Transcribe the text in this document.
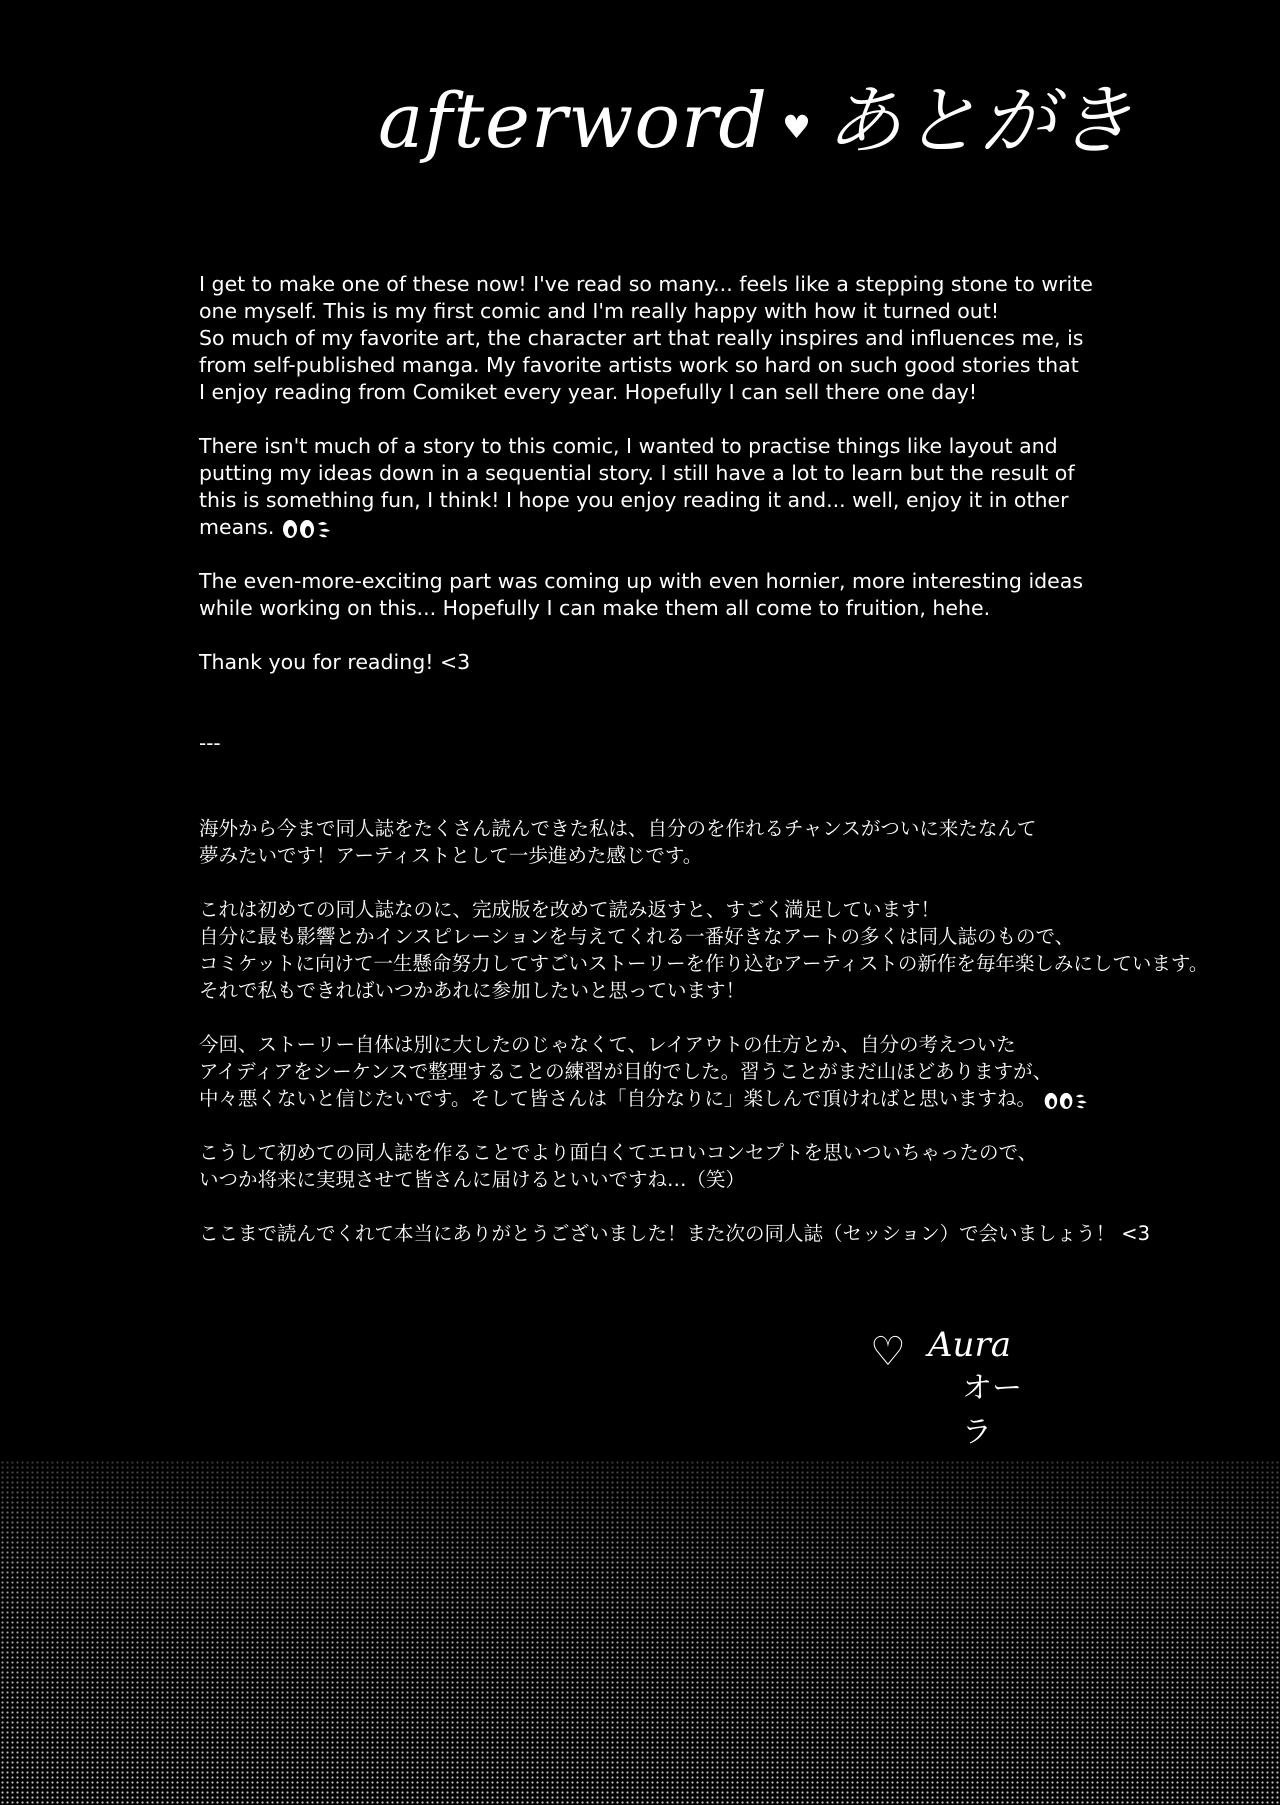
afterword ♥ あとがき

I get to make one of these now! I've read so many... feels like a stepping stone to write
one myself. This is my first comic and I'm really happy with how it turned out!
So much of my favorite art, the character art that really inspires and influences me, is
from self-published manga. My favorite artists work so hard on such good stories that
I enjoy reading from Comiket every year. Hopefully I can sell there one day!

There isn't much of a story to this comic, I wanted to practise things like layout and
putting my ideas down in a sequential story. I still have a lot to learn but the result of
this is something fun, I think! I hope you enjoy reading it and... well, enjoy it in other
means.

The even-more-exciting part was coming up with even hornier, more interesting ideas
while working on this... Hopefully I can make them all come to fruition, hehe.

Thank you for reading! <3

---

海外から今まで同人誌をたくさん読んできた私は、自分のを作れるチャンスがついに来たなんて
夢みたいです！アーティストとして一歩進めた感じです。

これは初めての同人誌なのに、完成版を改めて読み返すと、すごく満足しています！
自分に最も影響とかインスピレーションを与えてくれる一番好きなアートの多くは同人誌のもので、
コミケットに向けて一生懸命努力してすごいストーリーを作り込むアーティストの新作を毎年楽しみにしています。
それで私もできればいつかあれに参加したいと思っています！

今回、ストーリー自体は別に大したのじゃなくて、レイアウトの仕方とか、自分の考えついた
アイディアをシーケンスで整理することの練習が目的でした。習うことがまだ山ほどありますが、
中々悪くないと信じたいです。そして皆さんは「自分なりに」楽しんで頂ければと思いますね。

こうして初めての同人誌を作ることでより面白くてエロいコンセプトを思いついちゃったので、
いつか将来に実現させて皆さんに届けるといいですね…（笑）

ここまで読んでくれて本当にありがとうございました！また次の同人誌（セッション）で会いましょう！ <3

♡ Aura
オーラ
